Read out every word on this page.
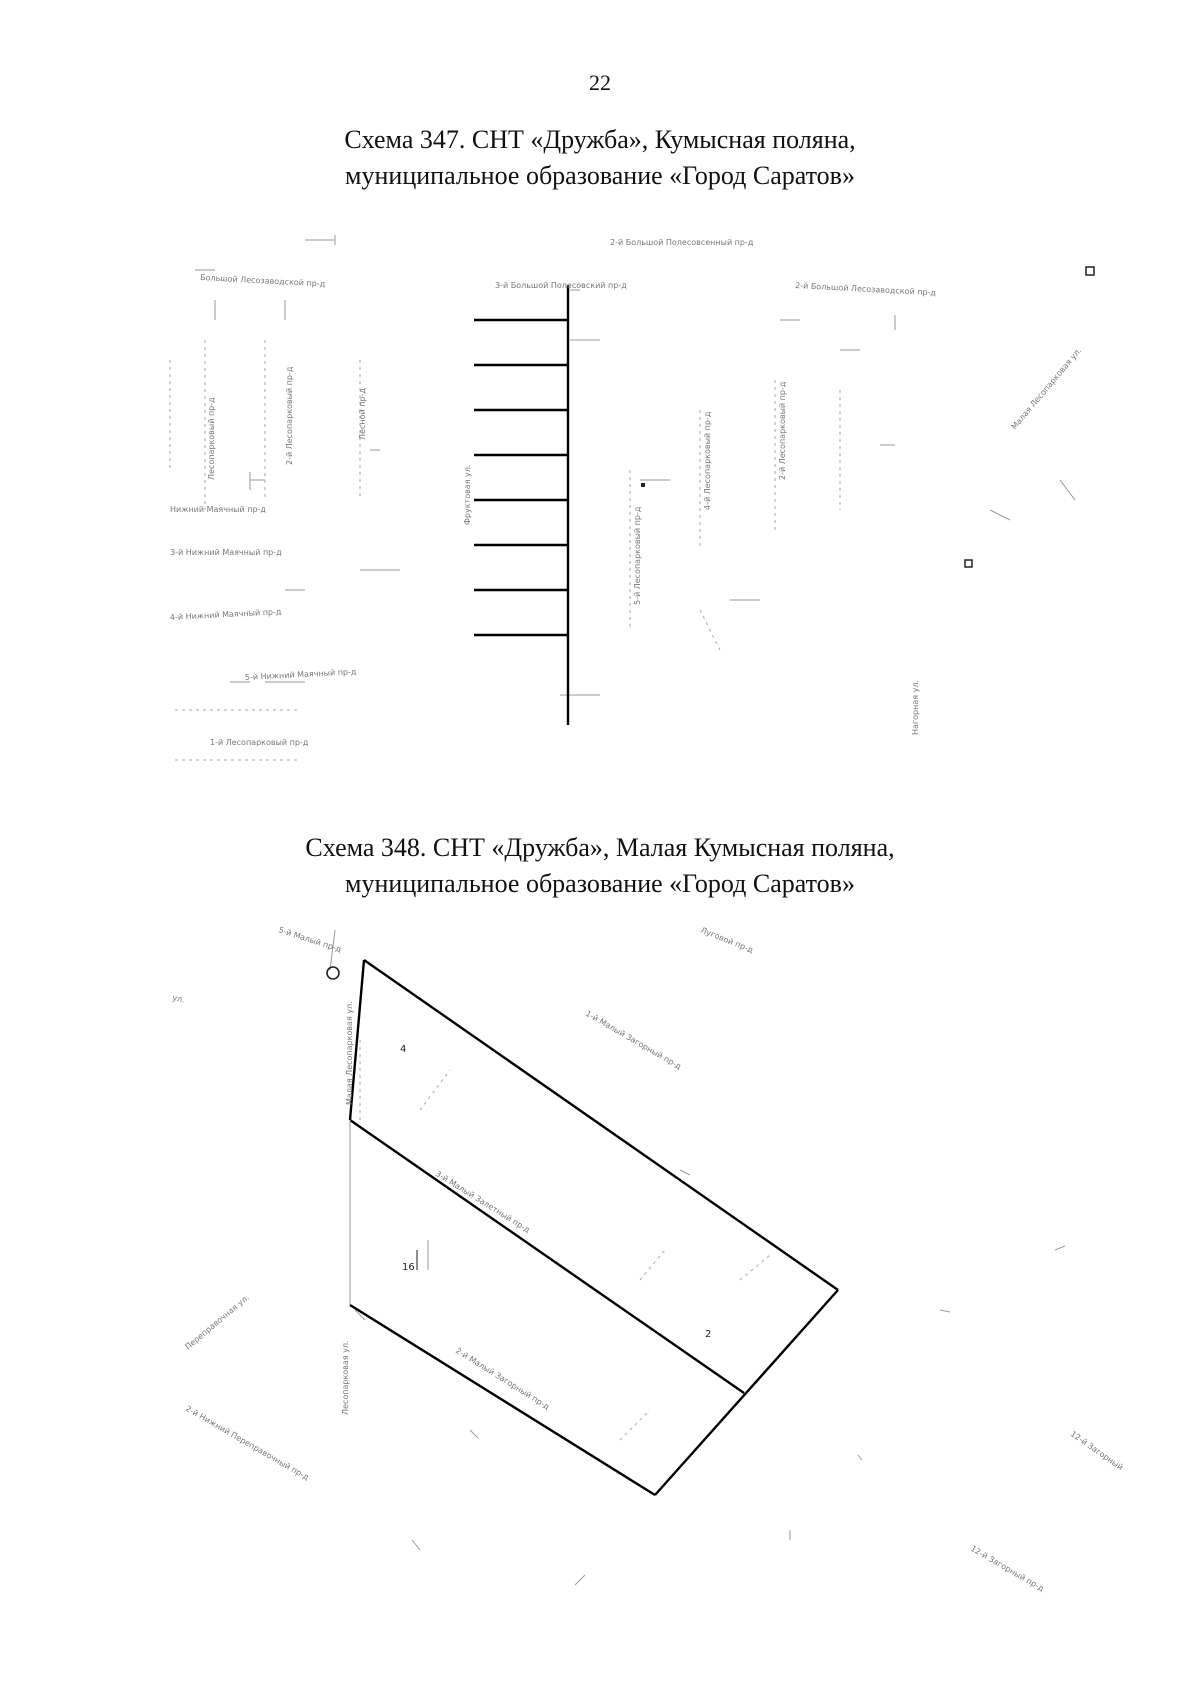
22
Схема 347. СНТ «Дружба», Кумысная поляна,
муниципальное образование «Город Саратов»
2-й Большой Полесовсенный пр-д
3-й Большой Полесовский пр-д
Большой Лесозаводской пр-д
2-й Большой Лесозаводской пр-д
Малая Лесопарковая ул.
Нижний Маячный пр-д
3-й Нижний Маячный пр-д
4-й Нижний Маячный пр-д
5-й Нижний Маячный пр-д
1-й Лесопарковый пр-д
Лесопарковый пр-д	2-й Лесопарковый пр-д	Лесной пр-д
Фруктовая ул.
5-й Лесопарковый пр-д
4-й Лесопарковый пр-д	2-й Лесопарковый пр-д
Нагорная ул.
Схема 348. СНТ «Дружба», Малая Кумысная поляна,
муниципальное образование «Город Саратов»
4
16
2
5-й Малый пр-д	Луговой пр-д
1-й Малый Загорный пр-д
Малая Лесопарковая ул.
3-й Малый Залетный пр-д
2-й Малый Загорный пр-д
Лесопарковая ул.
Переправочная ул.
2-й Нижний Переправочный пр-д	12-й Загорный
12-й Загорный пр-д
ул.
